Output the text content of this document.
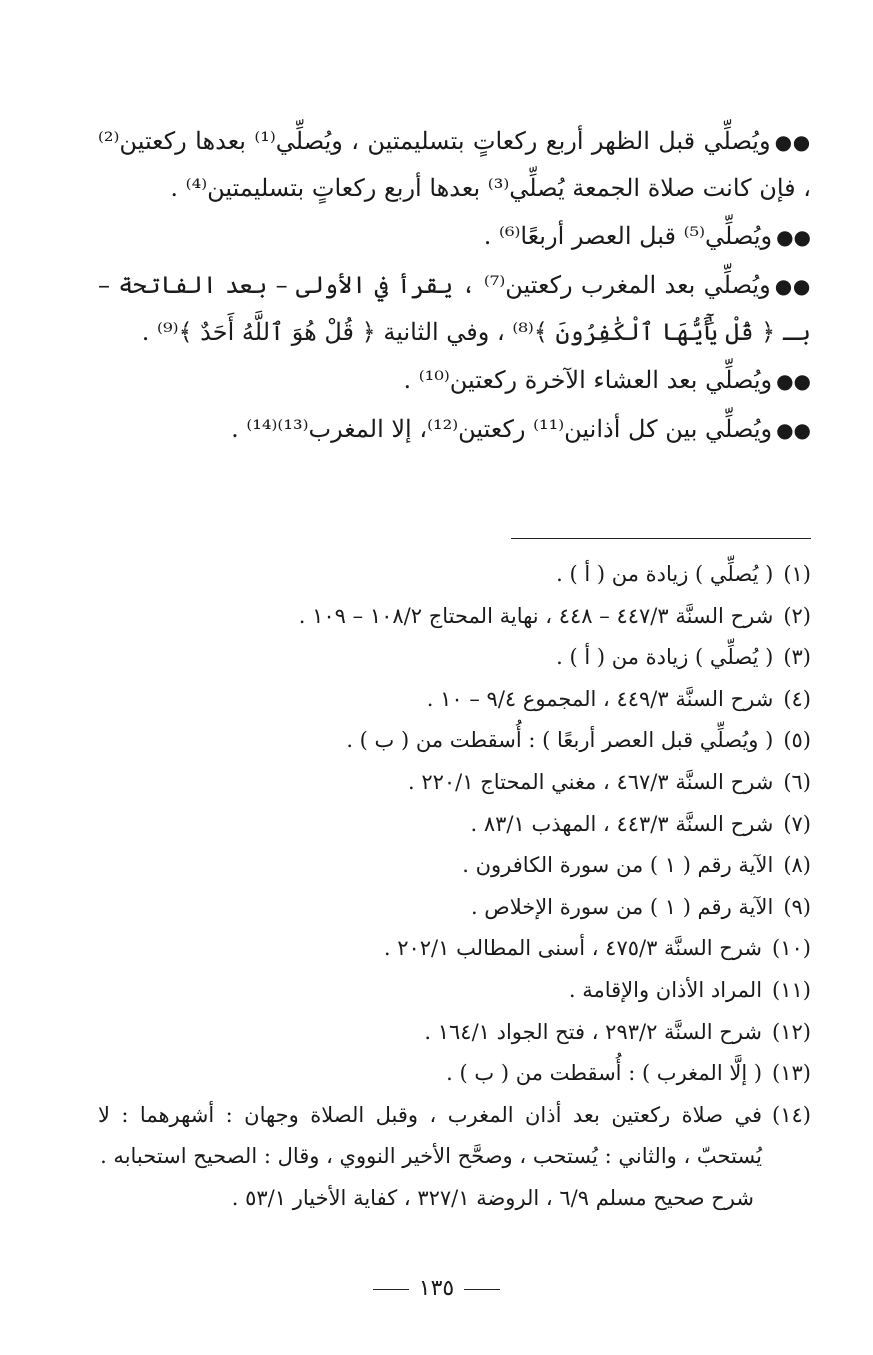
●●ويُصلِّي قبل الظهر أربع ركعاتٍ بتسليمتين ، ويُصلِّي⁽¹⁾ بعدها ركعتين⁽²⁾ ، فإن كانت صلاة الجمعة يُصلِّي⁽³⁾ بعدها أربع ركعاتٍ بتسليمتين⁽⁴⁾ .

●●ويُصلِّي⁽⁵⁾ قبل العصر أربعًا⁽⁶⁾ .

●●ويُصلِّي بعد المغرب ركعتين⁽⁷⁾ ، يقرأ في الأولى – بعد الفاتحة – بـ ﴿ قُلْ يَٰٓأَيُّهَا ٱلْكَٰفِرُونَ ﴾⁽⁸⁾ ، وفي الثانية ﴿ قُلْ هُوَ ٱللَّهُ أَحَدٌ ﴾⁽⁹⁾ .

●●ويُصلِّي بعد العشاء الآخرة ركعتين⁽¹⁰⁾ .

●●ويُصلِّي بين كل أذانين⁽¹¹⁾ ركعتين⁽¹²⁾، إلا المغرب⁽¹³⁾⁽¹⁴⁾ .

(١)
( يُصلِّي ) زيادة من ( أ ) .
(٢)
شرح السنَّة ٤٤٧/٣ – ٤٤٨ ، نهاية المحتاج ١٠٨/٢ – ١٠٩ .
(٣)
( يُصلِّي ) زيادة من ( أ ) .
(٤)
شرح السنَّة ٤٤٩/٣ ، المجموع ٩/٤ – ١٠ .
(٥)
( ويُصلِّي قبل العصر أربعًا ) : أُسقطت من ( ب ) .
(٦)
شرح السنَّة ٤٦٧/٣ ، مغني المحتاج ٢٢٠/١ .
(٧)
شرح السنَّة ٤٤٣/٣ ، المهذب ٨٣/١ .
(٨)
الآية رقم ( ١ ) من سورة الكافرون .
(٩)
الآية رقم ( ١ ) من سورة الإخلاص .
(١٠)
شرح السنَّة ٤٧٥/٣ ، أسنى المطالب ٢٠٢/١ .
(١١)
المراد الأذان والإقامة .
(١٢)
شرح السنَّة ٢٩٣/٢ ، فتح الجواد ١٦٤/١ .
(١٣)
( إلَّا المغرب ) : أُسقطت من ( ب ) .
(١٤)
في صلاة ركعتين بعد أذان المغرب ، وقبل الصلاة وجهان : أشهرهما : لا يُستحبّ ، والثاني : يُستحب ، وصحَّح الأخير النووي ، وقال : الصحيح استحبابه .
شرح صحيح مسلم ٦/٩ ، الروضة ٣٢٧/١ ، كفاية الأخيار ٥٣/١ .
١٣٥
